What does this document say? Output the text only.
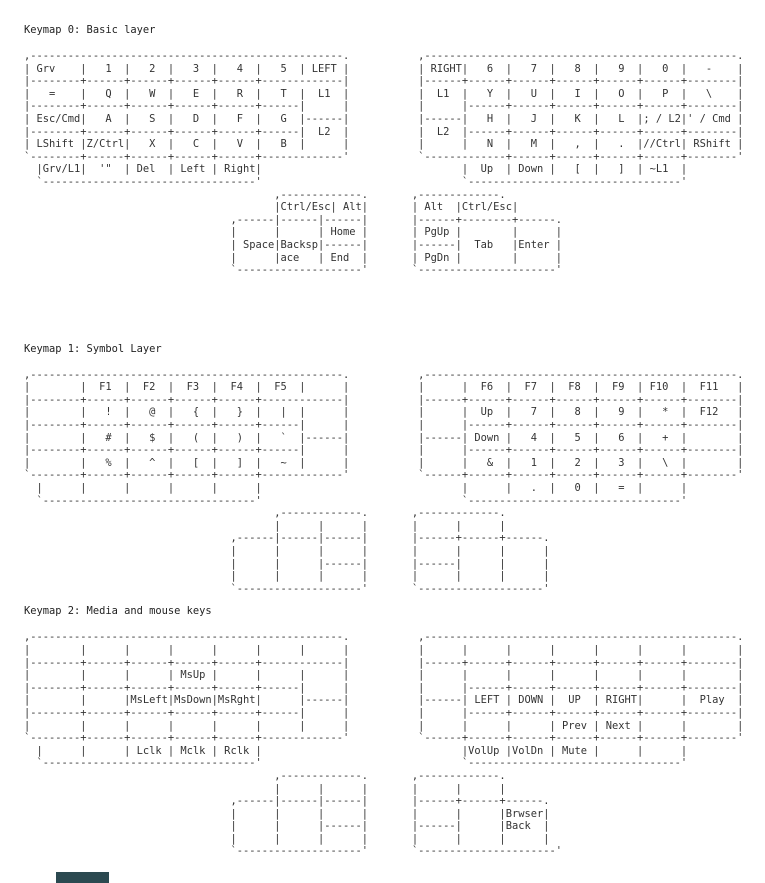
Keymap 0: Basic layer
,--------------------------------------------------.           ,--------------------------------------------------.
| Grv    |   1  |   2  |   3  |   4  |   5  | LEFT |           | RIGHT|   6  |   7  |   8  |   9  |   0  |   -    |
|--------+------+------+------+------+-------------|           |------+------+------+------+------+------+--------|
|   =    |   Q  |   W  |   E  |   R  |   T  |  L1  |           |  L1  |   Y  |   U  |   I  |   O  |   P  |   \    |
|--------+------+------+------+------+------|      |           |      |------+------+------+------+------+--------|
| Esc/Cmd|   A  |   S  |   D  |   F  |   G  |------|           |------|   H  |   J  |   K  |   L  |; / L2|' / Cmd |
|--------+------+------+------+------+------|  L2  |           |  L2  |------+------+------+------+------+--------|
| LShift |Z/Ctrl|   X  |   C  |   V  |   B  |      |           |      |   N  |   M  |   ,  |   .  |//Ctrl| RShift |
`--------+------+------+------+------+-------------'           `-------------+------+------+------+------+--------'
|Grv/L1|  '"  | Del  | Left | Right|                                |  Up  | Down |   [  |   ]  | ~L1  |
`----------------------------------'                                `----------------------------------'
,-------------.       ,-------------.
|Ctrl/Esc| Alt|       | Alt  |Ctrl/Esc|
,------|------|------|       |------+--------+------.
|      |      | Home |       | PgUp |        |      |
| Space|Backsp|------|       |------|  Tab   |Enter |
|      |ace   | End  |       | PgDn |        |      |
`--------------------'       `----------------------'
Keymap 1: Symbol Layer
,--------------------------------------------------.           ,--------------------------------------------------.
|        |  F1  |  F2  |  F3  |  F4  |  F5  |      |           |      |  F6  |  F7  |  F8  |  F9  | F10  |  F11   |
|--------+------+------+------+------+-------------|           |------+------+------+------+------+------+--------|
|        |   !  |   @  |   {  |   }  |   |  |      |           |      |  Up  |   7  |   8  |   9  |   *  |  F12   |
|--------+------+------+------+------+------|      |           |      |------+------+------+------+------+--------|
|        |   #  |   $  |   (  |   )  |   `  |------|           |------| Down |   4  |   5  |   6  |   +  |        |
|--------+------+------+------+------+------|      |           |      |------+------+------+------+------+--------|
|        |   %  |   ^  |   [  |   ]  |   ~  |      |           |      |   &  |   1  |   2  |   3  |   \  |        |
`--------+------+------+------+------+-------------'           `------+------+------+------+------+------+--------'
|      |      |      |      |      |                                |      |   .  |   0  |   =  |      |
`----------------------------------'                                `----------------------------------'
,-------------.       ,-------------.
|      |      |       |      |      |
,------|------|------|       |------+------+------.
|      |      |      |       |      |      |      |
|      |      |------|       |------|      |      |
|      |      |      |       |      |      |      |
`--------------------'       `--------------------'
Keymap 2: Media and mouse keys
,--------------------------------------------------.           ,--------------------------------------------------.
|        |      |      |      |      |      |      |           |      |      |      |      |      |      |        |
|--------+------+------+------+------+-------------|           |------+------+------+------+------+------+--------|
|        |      |      | MsUp |      |      |      |           |      |      |      |      |      |      |        |
|--------+------+------+------+------+------|      |           |      |------+------+------+------+------+--------|
|        |      |MsLeft|MsDown|MsRght|      |------|           |------| LEFT | DOWN |  UP  | RIGHT|      |  Play  |
|--------+------+------+------+------+------|      |           |      |------+------+------+------+------+--------|
|        |      |      |      |      |      |      |           |      |      |      | Prev | Next |      |        |
`--------+------+------+------+------+-------------'           `------+------+------+------+------+------+--------'
|      |      | Lclk | Mclk | Rclk |                                |VolUp |VolDn | Mute |      |      |
`----------------------------------'                                `----------------------------------'
,-------------.       ,-------------.
|      |      |       |      |      |
,------|------|------|       |------+------+------.
|      |      |      |       |      |      |Brwser|
|      |      |------|       |------|      |Back  |
|      |      |      |       |      |      |      |
`--------------------'       `----------------------'
